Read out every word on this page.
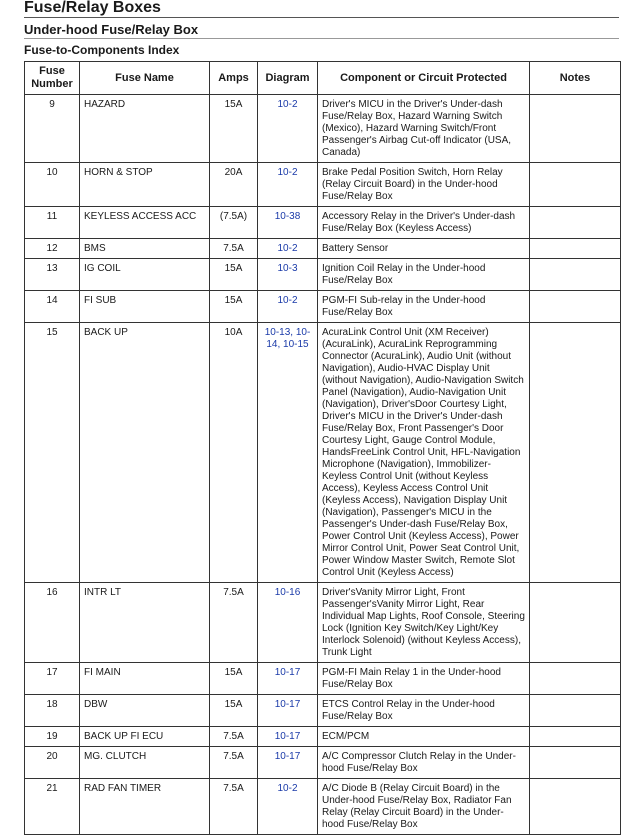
Fuse/Relay Boxes
Under-hood Fuse/Relay Box
Fuse-to-Components Index
Fuse Number	Fuse Name	Amps	Diagram	Component or Circuit Protected	Notes
9	HAZARD	15A	10-2	Driver's MICU in the Driver's Under-dash Fuse/Relay Box, Hazard Warning Switch (Mexico), Hazard Warning Switch/Front Passenger's Airbag Cut-off Indicator (USA, Canada)	
10	HORN & STOP	20A	10-2	Brake Pedal Position Switch, Horn Relay (Relay Circuit Board) in the Under-hood Fuse/Relay Box	
11	KEYLESS ACCESS ACC	(7.5A)	10-38	Accessory Relay in the Driver's Under-dash Fuse/Relay Box (Keyless Access)	
12	BMS	7.5A	10-2	Battery Sensor	
13	IG COIL	15A	10-3	Ignition Coil Relay in the Under-hood Fuse/Relay Box	
14	FI SUB	15A	10-2	PGM-FI Sub-relay in the Under-hood Fuse/Relay Box	
15	BACK UP	10A	10-13, 10-14, 10-15	AcuraLink Control Unit (XM Receiver) (AcuraLink), AcuraLink Reprogramming Connector (AcuraLink), Audio Unit (without Navigation), Audio-HVAC Display Unit (without Navigation), Audio-Navigation Switch Panel (Navigation), Audio-Navigation Unit (Navigation), Driver'sDoor Courtesy Light, Driver's MICU in the Driver's Under-dash Fuse/Relay Box, Front Passenger's Door Courtesy Light, Gauge Control Module, HandsFreeLink Control Unit, HFL-Navigation Microphone (Navigation), Immobilizer-Keyless Control Unit (without Keyless Access), Keyless Access Control Unit (Keyless Access), Navigation Display Unit (Navigation), Passenger's MICU in the Passenger's Under-dash Fuse/Relay Box, Power Control Unit (Keyless Access), Power Mirror Control Unit, Power Seat Control Unit, Power Window Master Switch, Remote Slot Control Unit (Keyless Access)	
16	INTR LT	7.5A	10-16	Driver'sVanity Mirror Light, Front Passenger'sVanity Mirror Light, Rear Individual Map Lights, Roof Console, Steering Lock (Ignition Key Switch/Key Light/Key Interlock Solenoid) (without Keyless Access), Trunk Light	
17	FI MAIN	15A	10-17	PGM-FI Main Relay 1 in the Under-hood Fuse/Relay Box	
18	DBW	15A	10-17	ETCS Control Relay in the Under-hood Fuse/Relay Box	
19	BACK UP FI ECU	7.5A	10-17	ECM/PCM	
20	MG. CLUTCH	7.5A	10-17	A/C Compressor Clutch Relay in the Under-hood Fuse/Relay Box	
21	RAD FAN TIMER	7.5A	10-2	A/C Diode B (Relay Circuit Board) in the Under-hood Fuse/Relay Box, Radiator Fan Relay (Relay Circuit Board) in the Under-hood Fuse/Relay Box	
